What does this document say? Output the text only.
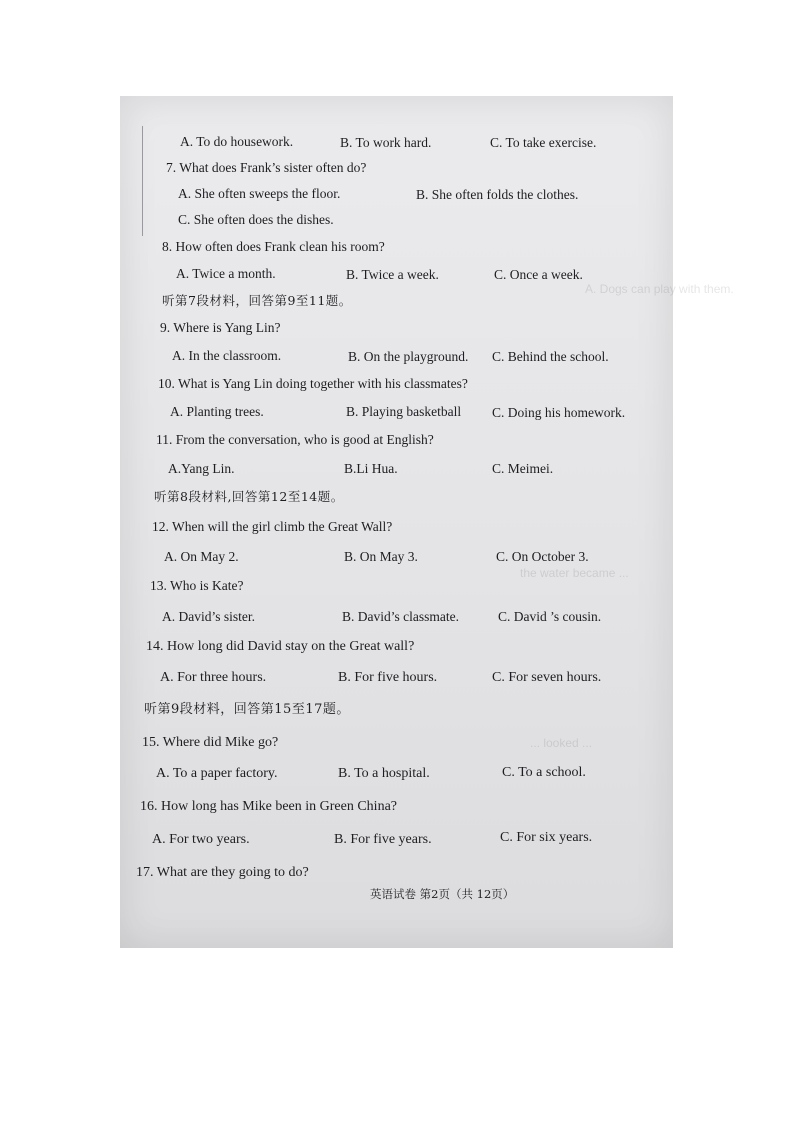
A. Dogs can play with them.
the water became ...
... looked ...
A. To do housework.	B. To work hard.	C. To take exercise.
7. What does Frank’s sister often do?
A. She often sweeps the floor.	B. She often folds the clothes.
C. She often does the dishes.
8. How often does Frank clean his room?
A. Twice a month.	B. Twice a week.	C. Once a week.
听第7段材料，回答第9至11题。
9. Where is Yang Lin?
A. In the classroom.	B. On the playground. C. Behind the school.
10. What is Yang Lin doing together with his classmates?
A. Planting trees.	B. Playing basketball C. Doing his homework.
11. From the conversation, who is good at English?
A.Yang Lin.	B.Li Hua.	C. Meimei.
听第8段材料,回答第12至14题。
12. When will the girl climb the Great Wall?
A. On May 2.	B. On May 3.	C. On October 3.
13. Who is Kate?
A. David’s sister.	B. David’s classmate.	C. David ’s cousin.
14. How long did David stay on the Great wall?
A. For three hours.	B. For five hours.	C. For seven hours.
听第9段材料，回答第15至17题。
15. Where did Mike go?
A. To a paper factory.	B. To a hospital.	C. To a school.
16. How long has Mike been in Green China?
A. For two years.	B. For five years.	C. For six years.
17. What are they going to do?
英语试卷 第2页（共 12页）
